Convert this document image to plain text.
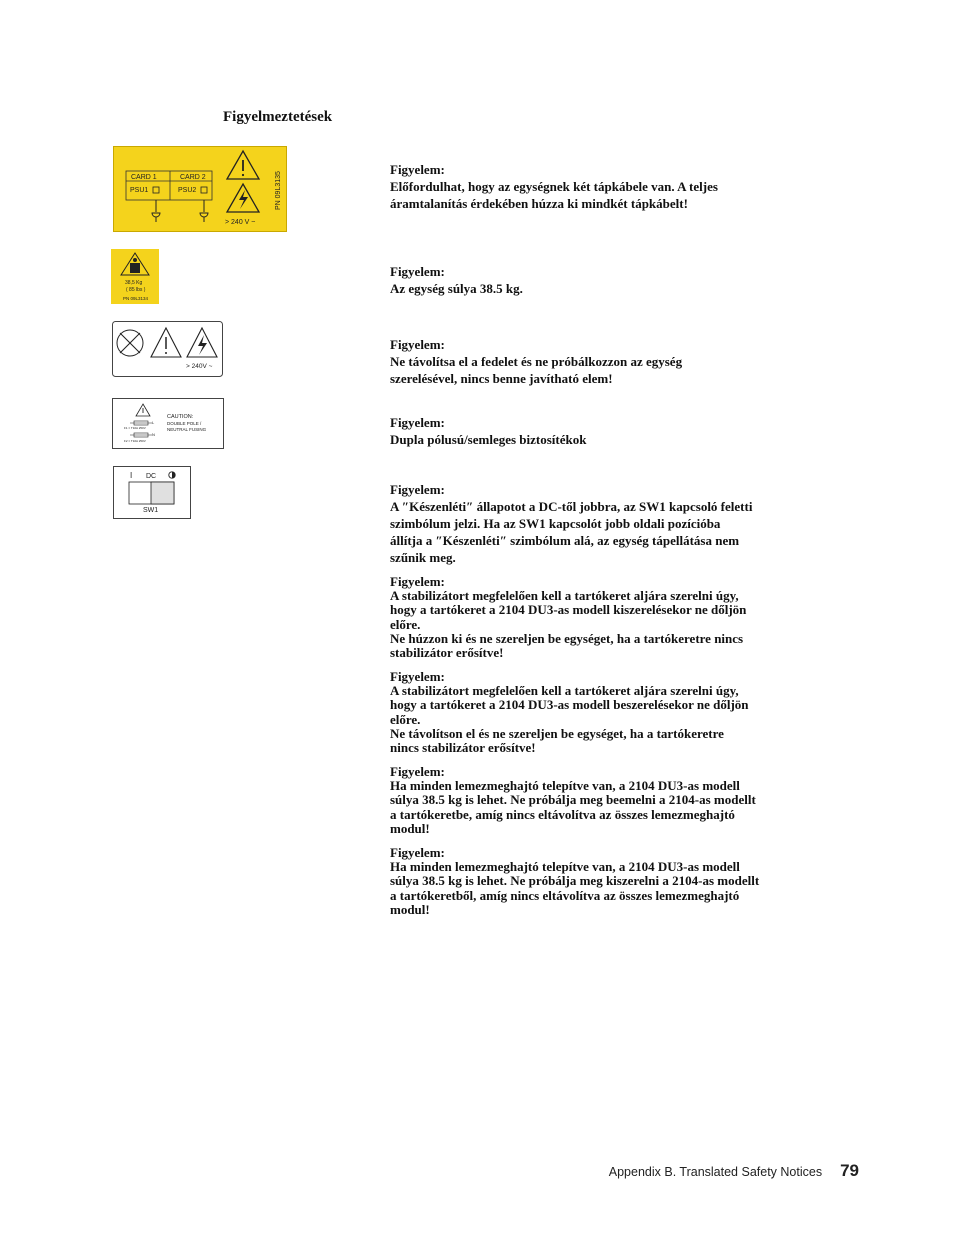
Figyelmeztetések
CARD 1	CARD 2
PSU1	PSU2
> 240 V ~
PN 09L3135
38,5 Kg
( 85 lbs )
PN 09L3134
> 240V ~
CAUTION:
DOUBLE POLE /
NEUTRAL FUSING
L
N
F1 = T10A 250V
F2 = T10A 250V
I DC
SW1
Figyelem:
Előfordulhat, hogy az egységnek két tápkábele van. A teljes
áramtalanítás érdekében húzza ki mindkét tápkábelt!
Figyelem:
Az egység súlya 38.5 kg.
Figyelem:
Ne távolítsa el a fedelet és ne próbálkozzon az egység
szerelésével, nincs benne javítható elem!
Figyelem:
Dupla pólusú/semleges biztosítékok
Figyelem:
A ″Készenléti″ állapotot a DC-től jobbra, az SW1 kapcsoló feletti
szimbólum jelzi. Ha az SW1 kapcsolót jobb oldali pozícióba
állítja a ″Készenléti″ szimbólum alá, az egység tápellátása nem
szűnik meg.
Figyelem:
A stabilizátort megfelelően kell a tartókeret aljára szerelni úgy,
hogy a tartókeret a 2104 DU3-as modell kiszerelésekor ne dőljön
előre.
Ne húzzon ki és ne szereljen be egységet, ha a tartókeretre nincs
stabilizátor erősítve!
Figyelem:
A stabilizátort megfelelően kell a tartókeret aljára szerelni úgy,
hogy a tartókeret a 2104 DU3-as modell beszerelésekor ne dőljön
előre.
Ne távolítson el és ne szereljen be egységet, ha a tartókeretre
nincs stabilizátor erősítve!
Figyelem:
Ha minden lemezmeghajtó telepítve van, a 2104 DU3-as modell
súlya 38.5 kg is lehet. Ne próbálja meg beemelni a 2104-as modellt
a tartókeretbe, amíg nincs eltávolítva az összes lemezmeghajtó
modul!
Figyelem:
Ha minden lemezmeghajtó telepítve van, a 2104 DU3-as modell
súlya 38.5 kg is lehet. Ne próbálja meg kiszerelni a 2104-as modellt
a tartókeretből, amíg nincs eltávolítva az összes lemezmeghajtó
modul!
Appendix B. Translated Safety Notices 79
